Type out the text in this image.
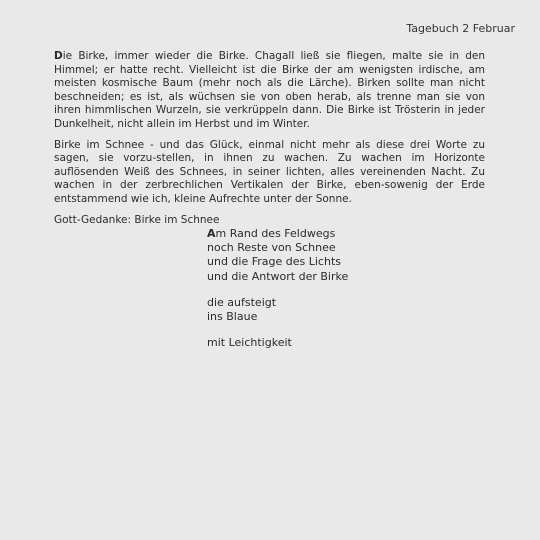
Tagebuch 2 Februar

Die Birke, immer wieder die Birke. Chagall ließ sie fliegen, malte sie in den Himmel; er hatte recht. Vielleicht ist die Birke der am wenigsten irdische, am meisten kosmische Baum (mehr noch als die Lärche). Birken sollte man nicht beschneiden; es ist, als wüchsen sie von oben herab, als trenne man sie von ihren himmlischen Wurzeln, sie verkrüppeln dann. Die Birke ist Trösterin in jeder Dunkelheit, nicht allein im Herbst und im Winter.

Birke im Schnee - und das Glück, einmal nicht mehr als diese drei Worte zu sagen, sie vorzu-stellen, in ihnen zu wachen. Zu wachen im Horizonte auflösenden Weiß des Schnees, in seiner lichten, alles vereinenden Nacht. Zu wachen in der zerbrechlichen Vertikalen der Birke, eben-sowenig der Erde entstammend wie ich, kleine Aufrechte unter der Sonne.

Gott-Gedanke: Birke im Schnee

Am Rand des Feldwegs
noch Reste von Schnee
und die Frage des Lichts
und die Antwort der Birke
die aufsteigt
ins Blaue
mit Leichtigkeit
